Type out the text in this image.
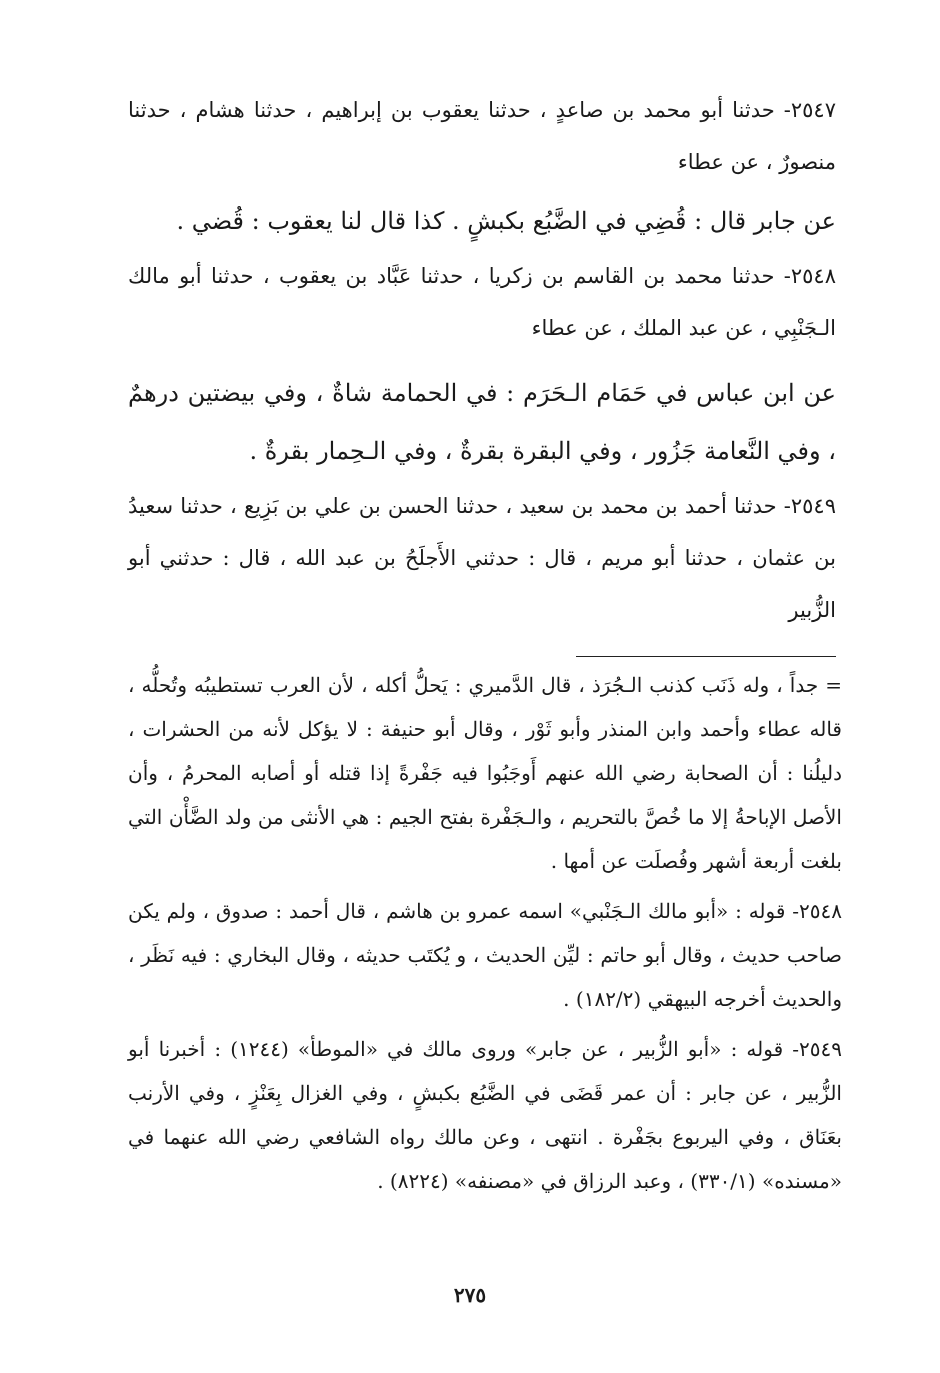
٢٥٤٧- حدثنا أبو محمد بن صاعدٍ ، حدثنا يعقوب بن إبراهيم ، حدثنا هشام ، حدثنا منصورٌ ، عن عطاء

عن جابر قال : قُضِي في الضَّبُع بكبشٍ . كذا قال لنا يعقوب : قُضي .

٢٥٤٨- حدثنا محمد بن القاسم بن زكريا ، حدثنا عَبَّاد بن يعقوب ، حدثنا أبو مالك الـجَنْبِي ، عن عبد الملك ، عن عطاء

عن ابن عباس في حَمَام الـحَرَم : في الحمامة شاةٌ ، وفي بيضتين درهمٌ ، وفي النَّعامة جَزُور ، وفي البقرة بقرةٌ ، وفي الـحِمار بقرةٌ .

٢٥٤٩- حدثنا أحمد بن محمد بن سعيد ، حدثنا الحسن بن علي بن بَزِيع ، حدثنا سعيدُ بن عثمان ، حدثنا أبو مريم ، قال : حدثني الأَجلَحُ بن عبد الله ، قال : حدثني أبو الزُّبير

= جداً ، وله ذَنَب كذنب الـجُرَذ ، قال الدَّميري : يَحلُّ أكله ، لأن العرب تستطيبُه وتُحلُّه ، قاله عطاء وأحمد وابن المنذر وأبو ثَوْر ، وقال أبو حنيفة : لا يؤكل لأنه من الحشرات ، دليلُنا : أن الصحابة رضي الله عنهم أَوجَبُوا فيه جَفْرةً إذا قتله أو أصابه المحرمُ ، وأن الأصل الإباحةُ إلا ما خُصَّ بالتحريم ، والـجَفْرة بفتح الجيم : هي الأنثى من ولد الضَّأْن التي بلغت أربعة أشهر وفُصلَت عن أمها .

٢٥٤٨- قوله : «أبو مالك الـجَنْبي» اسمه عمرو بن هاشم ، قال أحمد : صدوق ، ولم يكن صاحب حديث ، وقال أبو حاتم : ليِّن الحديث ، و يُكتَب حديثه ، وقال البخاري : فيه نَظَر ، والحديث أخرجه البيهقي (١٨٢/٢) .

٢٥٤٩- قوله : «أبو الزُّبير ، عن جابر» وروى مالك في «الموطأ» (١٢٤٤) : أخبرنا أبو الزُّبير ، عن جابر : أن عمر قَضَى في الضَّبُع بكبشٍ ، وفي الغزال بِعَنْزٍ ، وفي الأرنب بعَنَاق ، وفي اليربوع بجَفْرة . انتهى ، وعن مالك رواه الشافعي رضي الله عنهما في «مسنده» (٣٣٠/١) ، وعبد الرزاق في «مصنفه» (٨٢٢٤) .

٢٧٥
